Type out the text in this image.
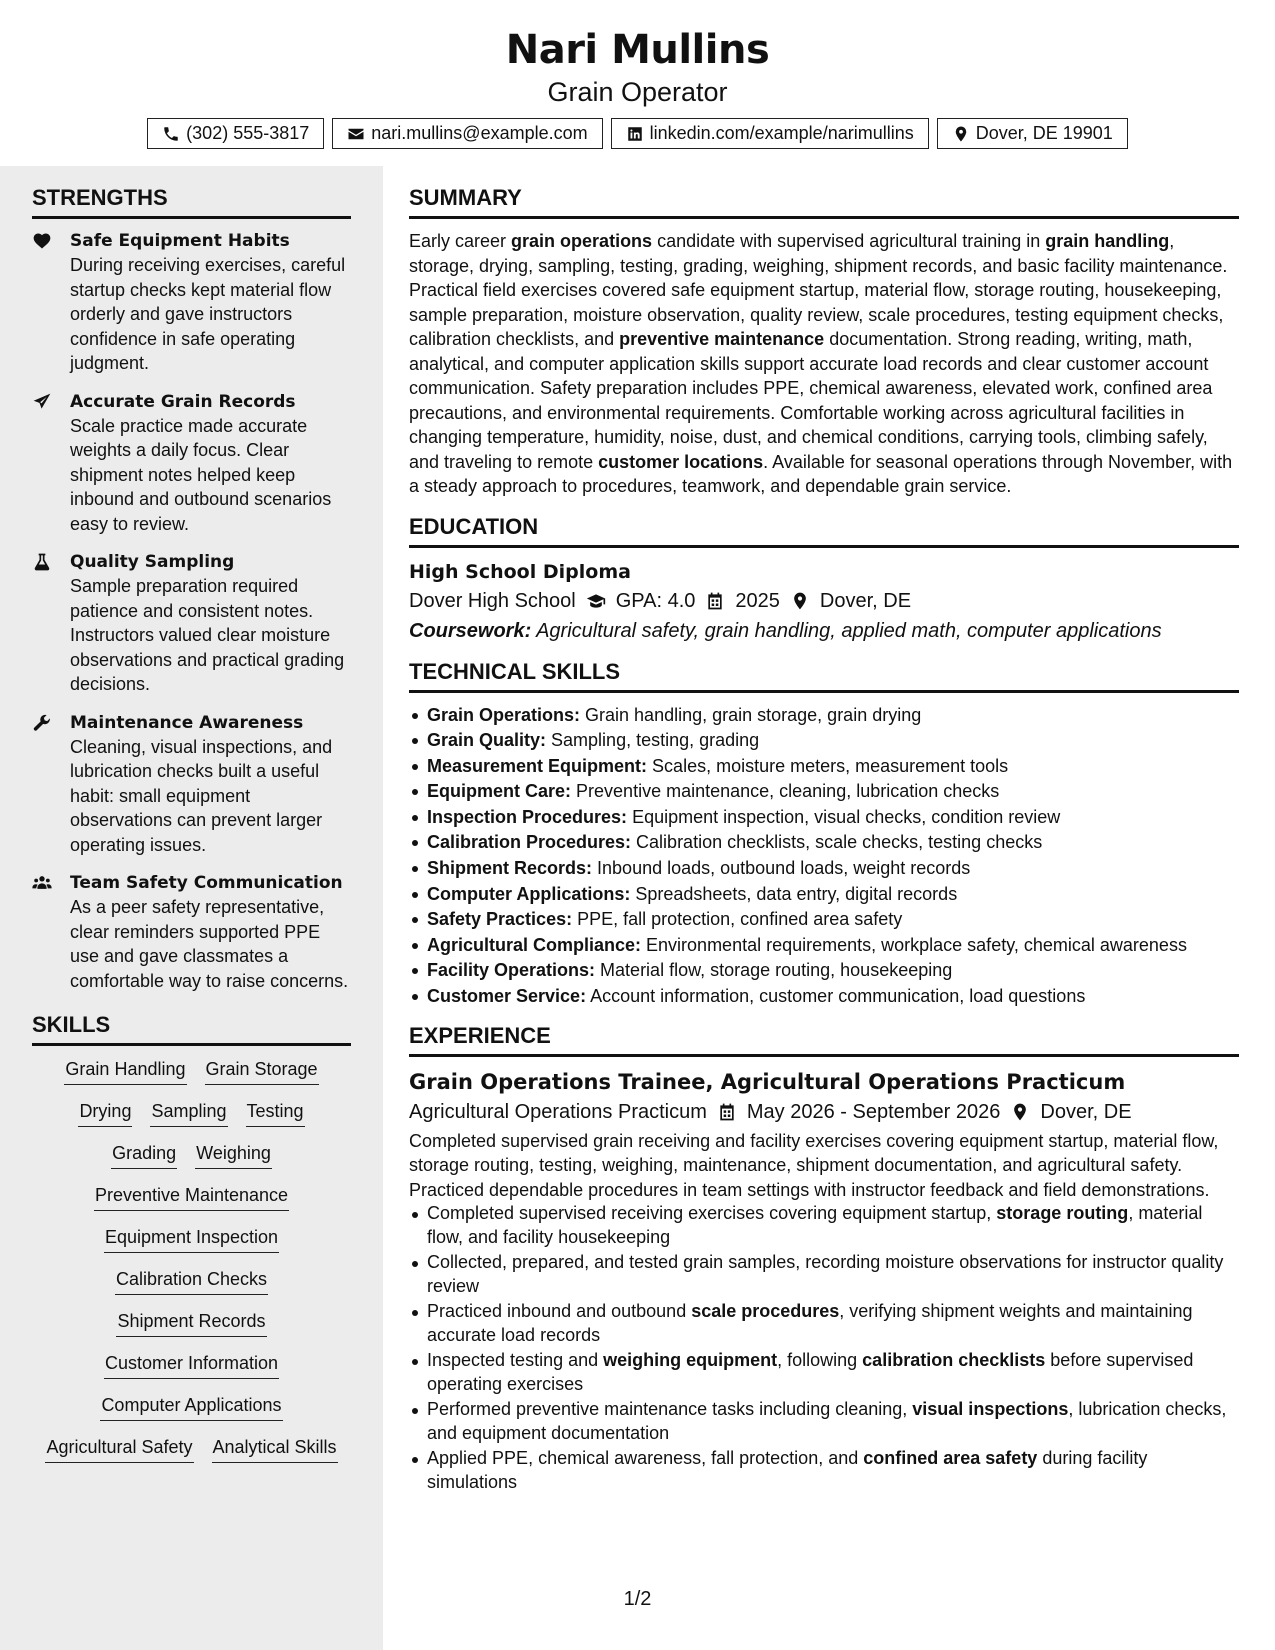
Nari Mullins
Grain Operator
(302) 555-3817	nari.mullins@example.com	linkedin.com/example/narimullins	Dover, DE 19901
STRENGTHS
Safe Equipment Habits
During receiving exercises, careful startup checks kept material flow orderly and gave instructors confidence in safe operating judgment.
Accurate Grain Records
Scale practice made accurate weights a daily focus. Clear shipment notes helped keep inbound and outbound scenarios easy to review.
Quality Sampling
Sample preparation required patience and consistent notes. Instructors valued clear moisture observations and practical grading decisions.
Maintenance Awareness
Cleaning, visual inspections, and lubrication checks built a useful habit: small equipment observations can prevent larger operating issues.
Team Safety Communication
As a peer safety representative, clear reminders supported PPE use and gave classmates a comfortable way to raise concerns.
SKILLS
Grain Handling Grain Storage
Drying Sampling Testing
Grading Weighing
Preventive Maintenance
Equipment Inspection
Calibration Checks
Shipment Records
Customer Information
Computer Applications
Agricultural Safety Analytical Skills
SUMMARY

Early career grain operations candidate with supervised agricultural training in grain handling, storage, drying, sampling, testing, grading, weighing, shipment records, and basic facility maintenance. Practical field exercises covered safe equipment startup, material flow, storage routing, housekeeping, sample preparation, moisture observation, quality review, scale procedures, testing equipment checks, calibration checklists, and preventive maintenance documentation. Strong reading, writing, math, analytical, and computer application skills support accurate load records and clear customer account communication. Safety preparation includes PPE, chemical awareness, elevated work, confined area precautions, and environmental requirements. Comfortable working across agricultural facilities in changing temperature, humidity, noise, dust, and chemical conditions, carrying tools, climbing safely, and traveling to remote customer locations. Available for seasonal operations through November, with a steady approach to procedures, teamwork, and dependable grain service.

EDUCATION
High School Diploma
Dover High School GPA: 4.0 2025 Dover, DE
Coursework: Agricultural safety, grain handling, applied math, computer applications
TECHNICAL SKILLS
Grain Operations: Grain handling, grain storage, grain drying
Grain Quality: Sampling, testing, grading
Measurement Equipment: Scales, moisture meters, measurement tools
Equipment Care: Preventive maintenance, cleaning, lubrication checks
Inspection Procedures: Equipment inspection, visual checks, condition review
Calibration Procedures: Calibration checklists, scale checks, testing checks
Shipment Records: Inbound loads, outbound loads, weight records
Computer Applications: Spreadsheets, data entry, digital records
Safety Practices: PPE, fall protection, confined area safety
Agricultural Compliance: Environmental requirements, workplace safety, chemical awareness
Facility Operations: Material flow, storage routing, housekeeping
Customer Service: Account information, customer communication, load questions
EXPERIENCE
Grain Operations Trainee, Agricultural Operations Practicum
Agricultural Operations Practicum May 2026 - September 2026 Dover, DE

Completed supervised grain receiving and facility exercises covering equipment startup, material flow, storage routing, testing, weighing, maintenance, shipment documentation, and agricultural safety. Practiced dependable procedures in team settings with instructor feedback and field demonstrations.

Completed supervised receiving exercises covering equipment startup, storage routing, material flow, and facility housekeeping
Collected, prepared, and tested grain samples, recording moisture observations for instructor quality review
Practiced inbound and outbound scale procedures, verifying shipment weights and maintaining accurate load records
Inspected testing and weighing equipment, following calibration checklists before supervised operating exercises
Performed preventive maintenance tasks including cleaning, visual inspections, lubrication checks, and equipment documentation
Applied PPE, chemical awareness, fall protection, and confined area safety during facility simulations
1/2
